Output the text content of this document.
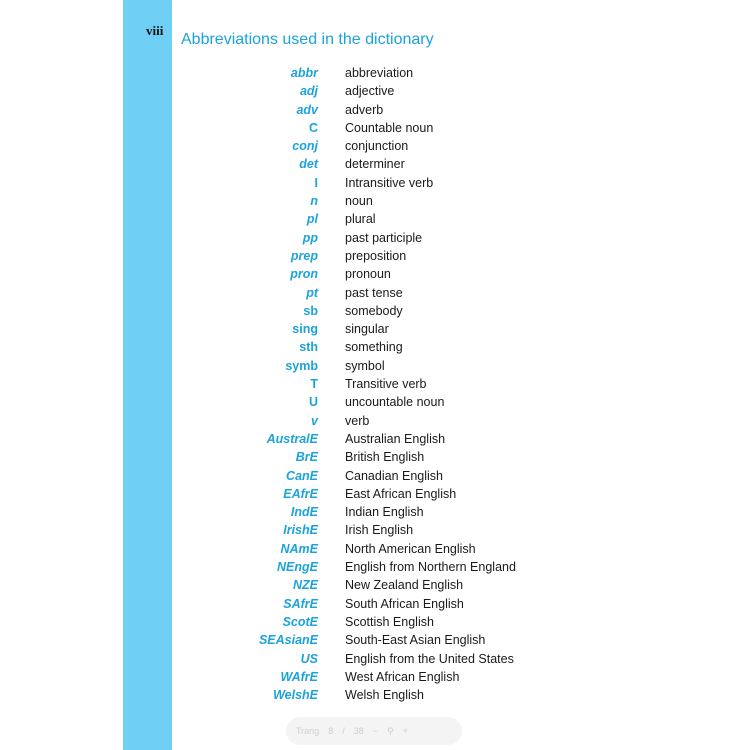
viii
Abbreviations used in the dictionary
abbr abbreviation
adj adjective
adv adverb
C Countable noun
conj conjunction
det determiner
I Intransitive verb
n noun
pl plural
pp past participle
prep preposition
pron pronoun
pt past tense
sb somebody
sing singular
sth something
symb symbol
T Transitive verb
U uncountable noun
v verb
AustralE Australian English
BrE British English
CanE Canadian English
EAfrE East African English
IndE Indian English
IrishE Irish English
NAmE North American English
NEngE English from Northern England
NZE New Zealand English
SAfrE South African English
ScotE Scottish English
SEAsianE South-East Asian English
US English from the United States
WAfrE West African English
WelshE Welsh English
Trang 8 / 38 − ⚲ +
